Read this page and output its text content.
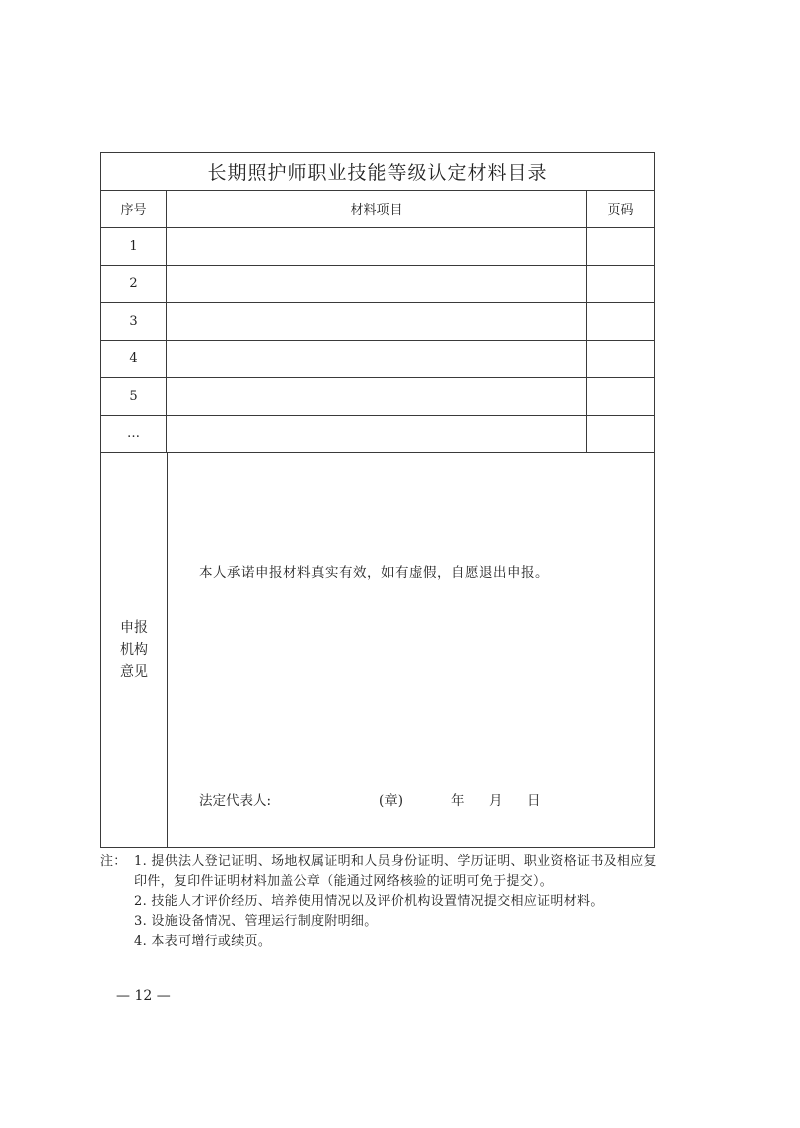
长期照护师职业技能等级认定材料目录
序号	材料项目	页码
1
2
3
4
5
…
申报
机构
意见
本人承诺申报材料真实有效，如有虚假，自愿退出申报。
法定代表人:	(章)	年	月	日
注： 1. 提供法人登记证明、场地权属证明和人员身份证明、学历证明、职业资格证书及相应复印件，复印件证明材料加盖公章（能通过网络核验的证明可免于提交）。
2. 技能人才评价经历、培养使用情况以及评价机构设置情况提交相应证明材料。
3. 设施设备情况、管理运行制度附明细。
4. 本表可增行或续页。
— 12 —
